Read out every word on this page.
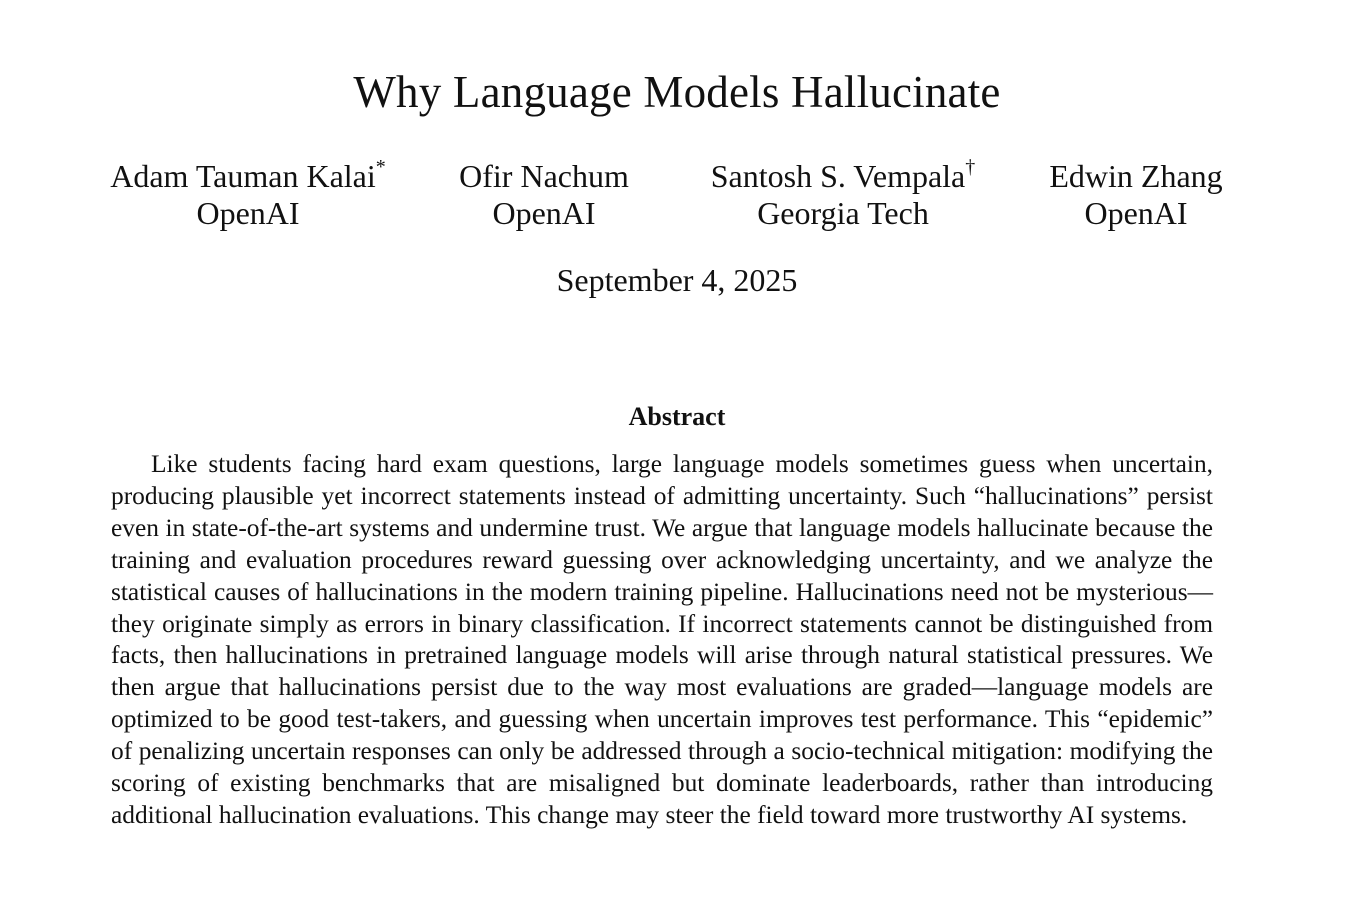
Why Language Models Hallucinate
Adam Tauman Kalai*
OpenAI
Ofir Nachum
OpenAI
Santosh S. Vempala†
Georgia Tech
Edwin Zhang
OpenAI
September 4, 2025
Abstract

Like students facing hard exam questions, large language models sometimes guess when uncertain, producing plausible yet incorrect statements instead of admitting uncertainty. Such “hallucinations” persist even in state-of-the-art systems and undermine trust. We argue that language models hallucinate because the training and evaluation procedures reward guessing over acknowledging uncertainty, and we analyze the statistical causes of hallucinations in the modern training pipeline. Hallucinations need not be mysterious—they originate simply as errors in binary classification. If incorrect statements cannot be distinguished from facts, then hallucinations in pretrained language models will arise through natural statistical pressures. We then argue that hallucinations persist due to the way most evaluations are graded—language models are optimized to be good test-takers, and guessing when uncertain improves test performance. This “epidemic” of penalizing uncertain responses can only be addressed through a socio-technical mitigation: modifying the scoring of existing benchmarks that are misaligned but dominate leaderboards, rather than introducing additional hallucination evaluations. This change may steer the field toward more trustworthy AI systems.
